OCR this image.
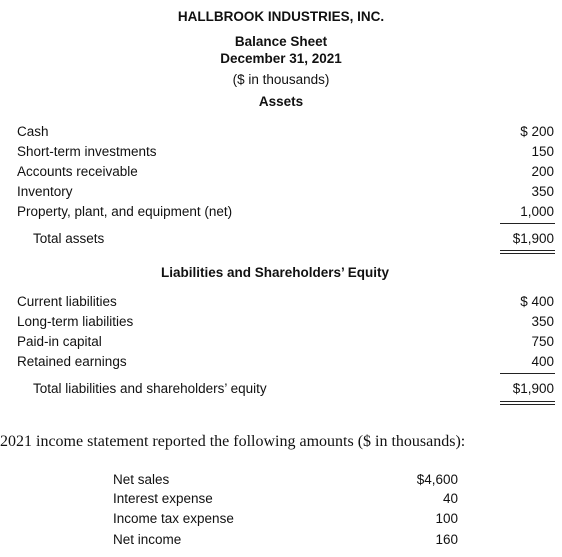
HALLBROOK INDUSTRIES, INC.
Balance Sheet
December 31, 2021
($ in thousands)
Assets
Cash	$ 200
Short-term investments	150
Accounts receivable	200
Inventory	350
Property, plant, and equipment (net)	1,000
Total assets	$1,900
Liabilities and Shareholders’ Equity
Current liabilities	$ 400
Long-term liabilities	350
Paid-in capital	750
Retained earnings	400
Total liabilities and shareholders’ equity	$1,900
2021 income statement reported the following amounts ($ in thousands):
Net sales	$4,600
Interest expense	40
Income tax expense	100
Net income	160
